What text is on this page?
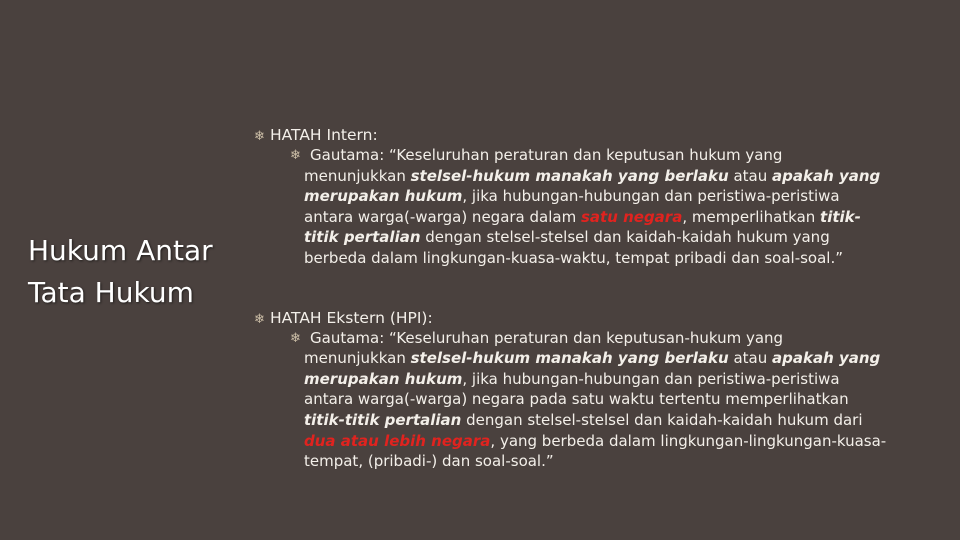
Hukum Antar
Tata Hukum
❄ HATAH Intern:
❄ Gautama: “Keseluruhan peraturan dan keputusan hukum yang
menunjukkan stelsel-hukum manakah yang berlaku atau apakah yang
merupakan hukum, jika hubungan-hubungan dan peristiwa-peristiwa
antara warga(-warga) negara dalam satu negara, memperlihatkan titik-
titik pertalian dengan stelsel-stelsel dan kaidah-kaidah hukum yang
berbeda dalam lingkungan-kuasa-waktu, tempat pribadi dan soal-soal.”
❄ HATAH Ekstern (HPI):
❄ Gautama: “Keseluruhan peraturan dan keputusan-hukum yang
menunjukkan stelsel-hukum manakah yang berlaku atau apakah yang
merupakan hukum, jika hubungan-hubungan dan peristiwa-peristiwa
antara warga(-warga) negara pada satu waktu tertentu memperlihatkan
titik-titik pertalian dengan stelsel-stelsel dan kaidah-kaidah hukum dari
dua atau lebih negara, yang berbeda dalam lingkungan-lingkungan-kuasa-
tempat, (pribadi-) dan soal-soal.”
